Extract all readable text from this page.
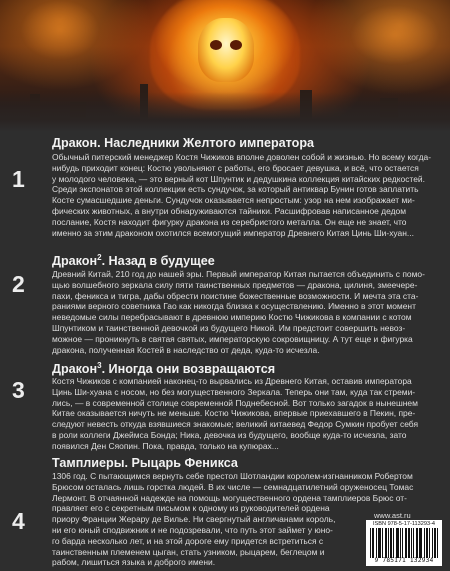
1
Дракон. Наследники Желтого императора
Обычный питерский менеджер Костя Чижиков вполне доволен собой и жизнью. Но всему когда-
нибудь приходит конец: Костю увольняют с работы, его бросает девушка, и всё, что остается
у молодого человека, — это верный кот Шпунтик и дедушкина коллекция китайских редкостей.
Среди экспонатов этой коллекции есть сундучок, за который антиквар Бунин готов заплатить
Косте сумасшедшие деньги. Сундучок оказывается непростым: узор на нем изображает ми-
фических животных, а внутри обнаруживаются тайники. Расшифровав написанное дедом
послание, Костя находит фигурку дракона из серебристого металла. Он еще не знает, что
именно за этим драконом охотился всемогущий император Древнего Китая Цинь Ши-хуан...
2
Дракон$^2$. Назад в будущее
Древний Китай, 210 год до нашей эры. Первый император Китая пытается объединить с помо-
щью волшебного зеркала силу пяти таинственных предметов — дракона, цилиня, змеечере-
пахи, феникса и тигра, дабы обрести поистине божественные возможности. И мечта эта ста-
раниями верного советника Гао как никогда близка к осуществлению. Именно в этот момент
неведомые силы перебрасывают в древнюю империю Костю Чижикова в компании с котом
Шпунтиком и таинственной девочкой из будущего Никой. Им предстоит совершить невоз-
можное — проникнуть в святая святых, императорскую сокровищницу. А тут еще и фигурка
дракона, полученная Костей в наследство от деда, куда-то исчезла.
3
Дракон$^3$. Иногда они возвращаются
Костя Чижиков с компанией наконец-то вырвались из Древнего Китая, оставив императора
Цинь Ши-хуана с носом, но без могущественного Зеркала. Теперь они там, куда так стреми-
лись, — в современной столице современной Поднебесной. Вот только загадок в нынешнем
Китае оказывается ничуть не меньше. Костю Чижикова, впервые приехавшего в Пекин, пре-
следуют невесть откуда взявшиеся знакомые; великий китаевед Федор Сумкин пробует себя
в роли коллеги Джеймса Бонда; Ника, девочка из будущего, вообще куда-то исчезла, зато
появился Ден Сяопин. Пока, правда, только на купюрах...
4
Тамплиеры. Рыцарь Феникса
1306 год. С пытающимся вернуть себе престол Шотландии королем-изгнанником Робертом
Брюсом осталась лишь горстка людей. В их числе — семнадцатилетний оруженосец Томас
Лермонт. В отчаянной надежде на помощь могущественного ордена тамплиеров Брюс от-
правляет его с секретным письмом к одному из руководителей ордена
приору Франции Жерару де Вилье. Ни свергнутый англичанами король,
ни его юный сподвижник и не подозревали, что путь этот займет у юно-
го барда несколько лет, и на этой дороге ему придется встретиться с
таинственным племенем цыган, стать узником, рыцарем, беглецом и
рабом, лишиться языка и доброго имени.
www.ast.ru
ISBN 978-5-17-113293-4
9 785171 132934
